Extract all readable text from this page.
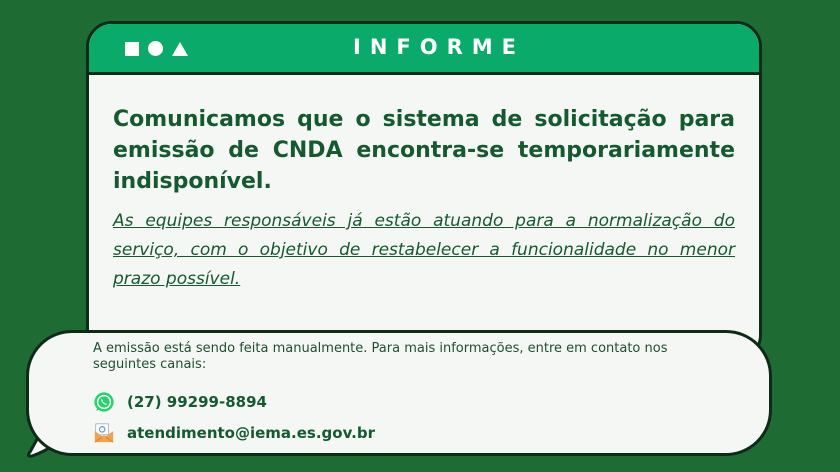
INFORME

Comunicamos que o sistema de solicitação para emissão de CNDA encontra-se temporariamente indisponível.

As equipes responsáveis já estão atuando para a normalização do serviço, com o objetivo de restabelecer a funcionalidade no menor prazo possível.

A emissão está sendo feita manualmente. Para mais informações, entre em contato nos seguintes canais:

(27) 99299-8894
atendimento@iema.es.gov.br
